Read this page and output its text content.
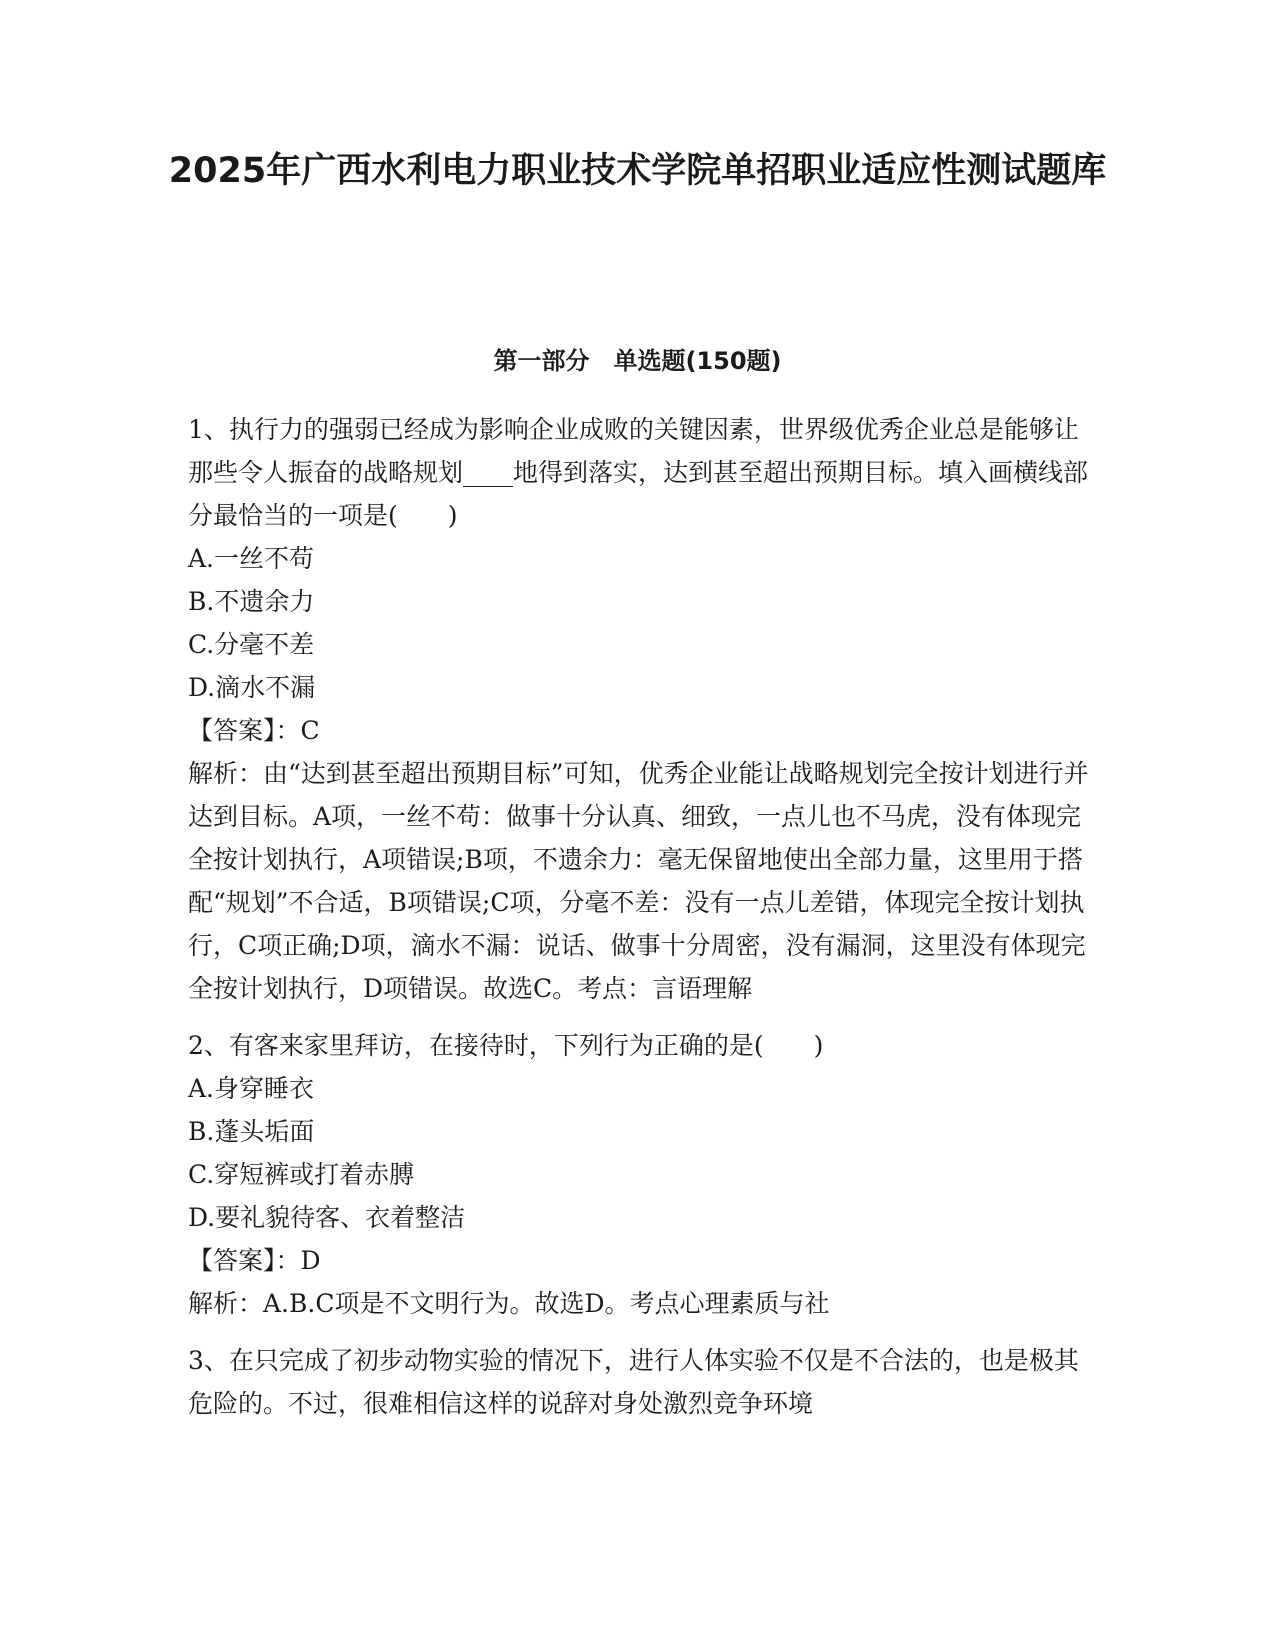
2025年广西水利电力职业技术学院单招职业适应性测试题库
第一部分　单选题(150题)

1、执行力的强弱已经成为影响企业成败的关键因素，世界级优秀企业总是能够让那些令人振奋的战略规划____地得到落实，达到甚至超出预期目标。填入画横线部分最恰当的一项是(　　)

A.一丝不苟

B.不遗余力

C.分毫不差

D.滴水不漏

【答案】：C

解析：由“达到甚至超出预期目标”可知，优秀企业能让战略规划完全按计划进行并达到目标。A项，一丝不苟：做事十分认真、细致，一点儿也不马虎，没有体现完全按计划执行，A项错误;B项，不遗余力：毫无保留地使出全部力量，这里用于搭配“规划”不合适，B项错误;C项，分毫不差：没有一点儿差错，体现完全按计划执行，C项正确;D项，滴水不漏：说话、做事十分周密，没有漏洞，这里没有体现完全按计划执行，D项错误。故选C。考点：言语理解

2、有客来家里拜访，在接待时，下列行为正确的是(　　)

A.身穿睡衣

B.蓬头垢面

C.穿短裤或打着赤膊

D.要礼貌待客、衣着整洁

【答案】：D

解析：A.B.C项是不文明行为。故选D。考点心理素质与社

3、在只完成了初步动物实验的情况下，进行人体实验不仅是不合法的，也是极其危险的。不过，很难相信这样的说辞对身处激烈竞争环境
